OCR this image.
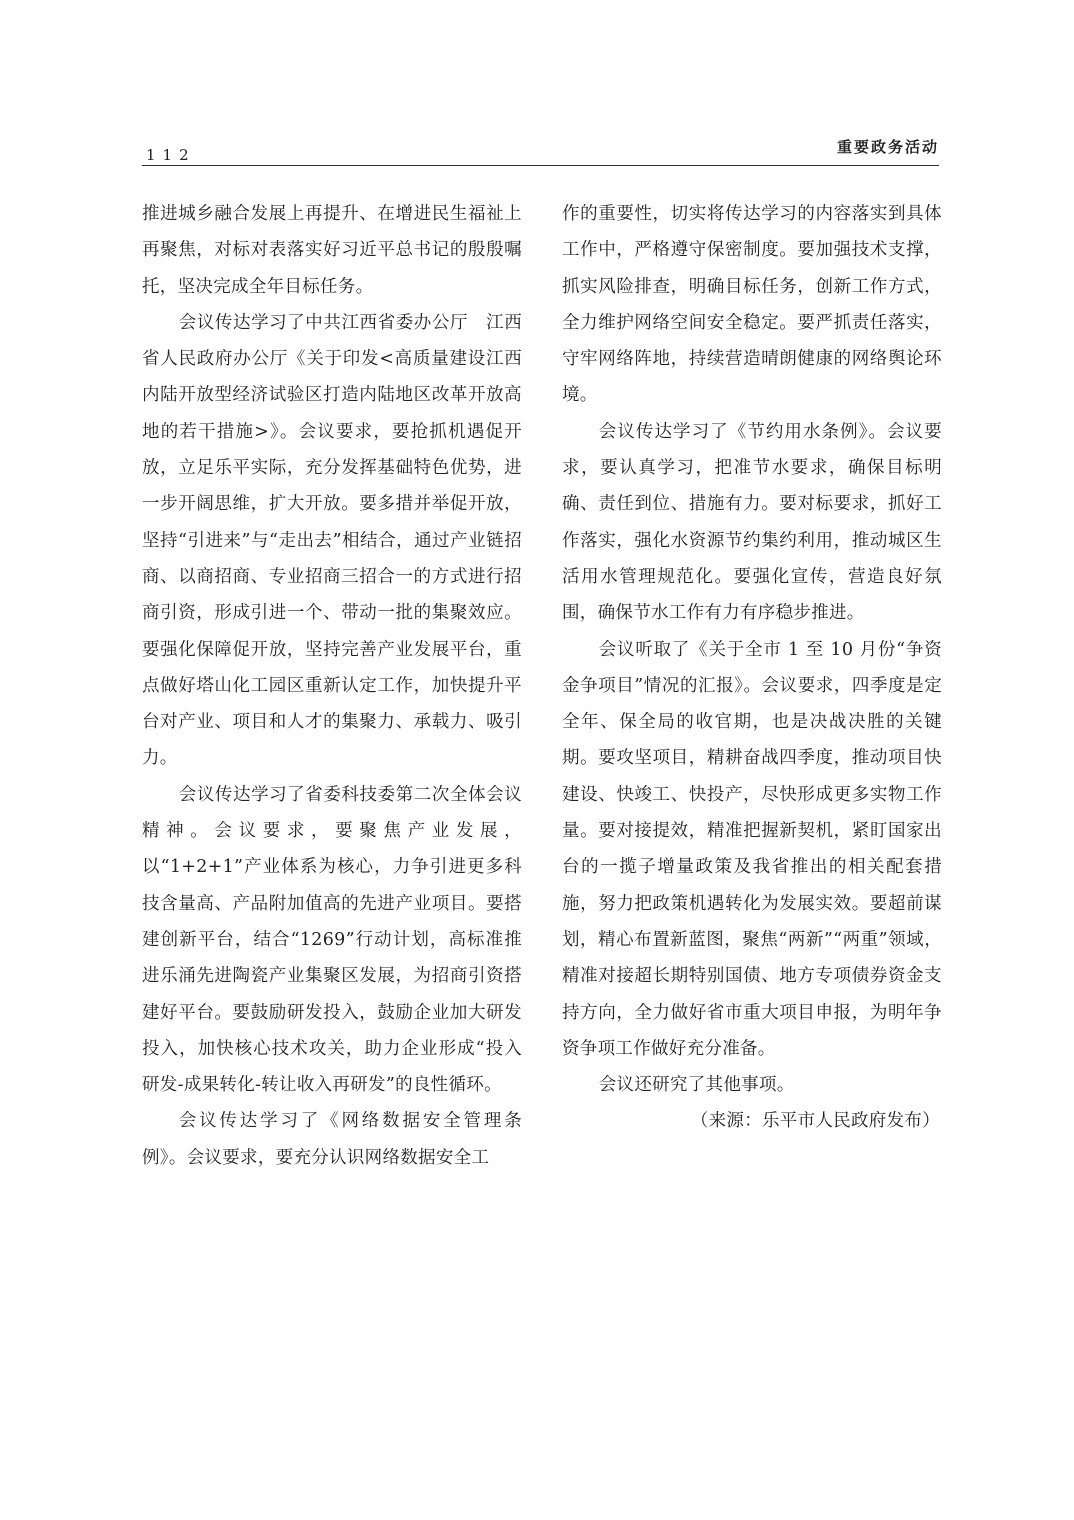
112	重要政务活动

推进城乡融合发展上再提升、在增进民生福祉上再聚焦，对标对表落实好习近平总书记的殷殷嘱托，坚决完成全年目标任务。

会议传达学习了中共江西省委办公厅　江西省人民政府办公厅《关于印发<高质量建设江西内陆开放型经济试验区打造内陆地区改革开放高地的若干措施>》。会议要求，要抢抓机遇促开放，立足乐平实际，充分发挥基础特色优势，进一步开阔思维，扩大开放。要多措并举促开放，坚持“引进来”与“走出去”相结合，通过产业链招商、以商招商、专业招商三招合一的方式进行招商引资，形成引进一个、带动一批的集聚效应。要强化保障促开放，坚持完善产业发展平台，重点做好塔山化工园区重新认定工作，加快提升平台对产业、项目和人才的集聚力、承载力、吸引力。

会议传达学习了省委科技委第二次全体会议精神。会议要求，要聚焦产业发展，以“1+2+1”产业体系为核心，力争引进更多科技含量高、产品附加值高的先进产业项目。要搭建创新平台，结合“1269”行动计划，高标准推进乐涌先进陶瓷产业集聚区发展，为招商引资搭建好平台。要鼓励研发投入，鼓励企业加大研发投入，加快核心技术攻关，助力企业形成“投入研发-成果转化-转让收入再研发”的良性循环。

会议传达学习了《网络数据安全管理条例》。会议要求，要充分认识网络数据安全工

作的重要性，切实将传达学习的内容落实到具体工作中，严格遵守保密制度。要加强技术支撑，抓实风险排查，明确目标任务，创新工作方式，全力维护网络空间安全稳定。要严抓责任落实，守牢网络阵地，持续营造晴朗健康的网络舆论环境。

会议传达学习了《节约用水条例》。会议要求，要认真学习，把准节水要求，确保目标明确、责任到位、措施有力。要对标要求，抓好工作落实，强化水资源节约集约利用，推动城区生活用水管理规范化。要强化宣传，营造良好氛围，确保节水工作有力有序稳步推进。

会议听取了《关于全市 1 至 10 月份“争资金争项目”情况的汇报》。会议要求，四季度是定全年、保全局的收官期，也是决战决胜的关键期。要攻坚项目，精耕奋战四季度，推动项目快建设、快竣工、快投产，尽快形成更多实物工作量。要对接提效，精准把握新契机，紧盯国家出台的一揽子增量政策及我省推出的相关配套措施，努力把政策机遇转化为发展实效。要超前谋划，精心布置新蓝图，聚焦“两新”“两重”领域，精准对接超长期特别国债、地方专项债券资金支持方向，全力做好省市重大项目申报，为明年争资争项工作做好充分准备。

会议还研究了其他事项。

（来源：乐平市人民政府发布）
